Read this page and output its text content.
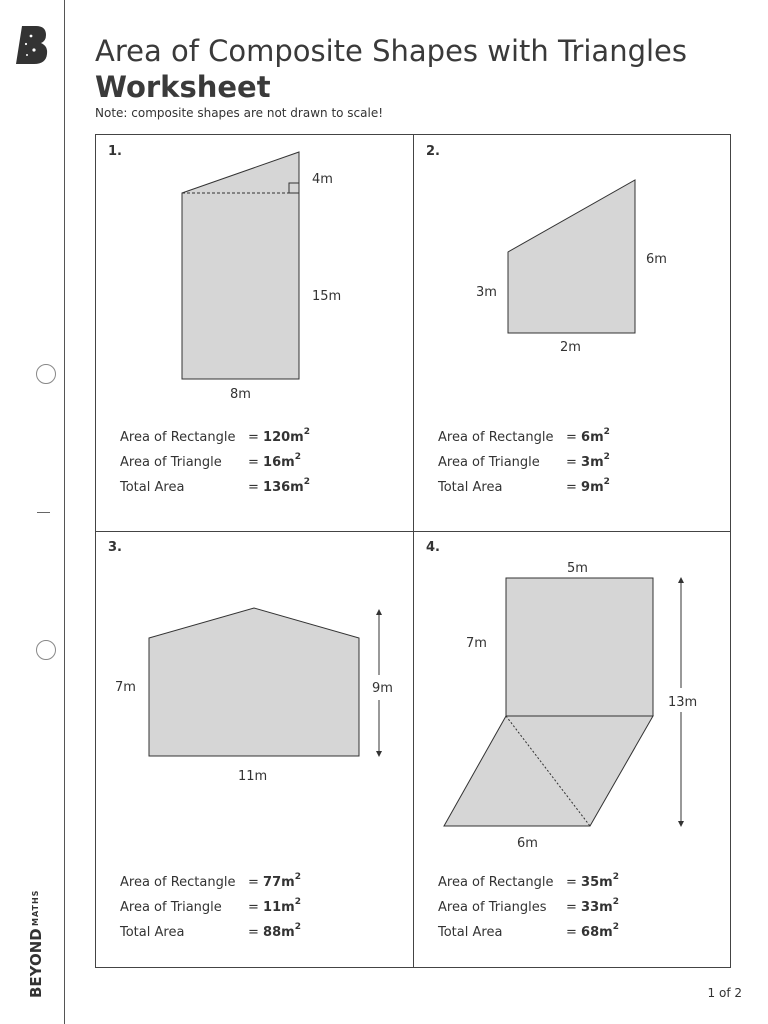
BEYOND
MATHS
Area of Composite Shapes with Triangles
Worksheet
Note: composite shapes are not drawn to scale!
1.	2.
3.	4.
4m
15m
8m
6m
3m
2m
7m	9m
11m
5m
7m
13m
6m
Area of Rectangle = $120m^2$
Area of Triangle = $16m^2$
Total Area	= $136m^2$
Area of Rectangle = $6m^2$
Area of Triangle = $3m^2$
Total Area	= $9m^2$
Area of Rectangle = $77m^2$
Area of Triangle = $11m^2$
Total Area	= $88m^2$
Area of Rectangle = $35m^2$
Area of Triangles = $33m^2$
Total Area	= $68m^2$
1 of 2
